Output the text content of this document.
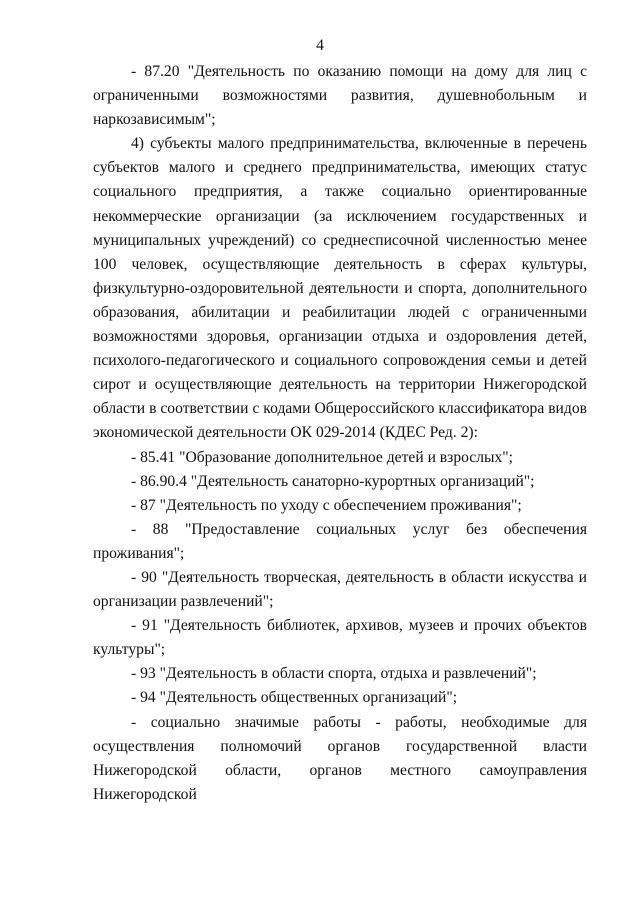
4

- 87.20 "Деятельность по оказанию помощи на дому для лиц с ограниченными возможностями развития, душевнобольным и наркозависимым";

4) субъекты малого предпринимательства, включенные в перечень субъектов малого и среднего предпринимательства, имеющих статус социального предприятия, а также социально ориентированные некоммерческие организации (за исключением государственных и муниципальных учреждений) со среднесписочной численностью менее 100 человек, осуществляющие деятельность в сферах культуры, физкультурно-оздоровительной деятельности и спорта, дополнительного образования, абилитации и реабилитации людей с ограниченными возможностями здоровья, организации отдыха и оздоровления детей, психолого-педагогического и социального сопровождения семьи и детей сирот и осуществляющие деятельность на территории Нижегородской области в соответствии с кодами Общероссийского классификатора видов экономической деятельности ОК 029-2014 (КДЕС Ред. 2):

- 85.41 "Образование дополнительное детей и взрослых";

- 86.90.4 "Деятельность санаторно-курортных организаций";

- 87 "Деятельность по уходу с обеспечением проживания";

- 88 "Предоставление социальных услуг без обеспечения проживания";

- 90 "Деятельность творческая, деятельность в области искусства и организации развлечений";

- 91 "Деятельность библиотек, архивов, музеев и прочих объектов культуры";

- 93 "Деятельность в области спорта, отдыха и развлечений";

- 94 "Деятельность общественных организаций";

- социально значимые работы - работы, необходимые для осуществления полномочий органов государственной власти Нижегородской области, органов местного самоуправления Нижегородской
